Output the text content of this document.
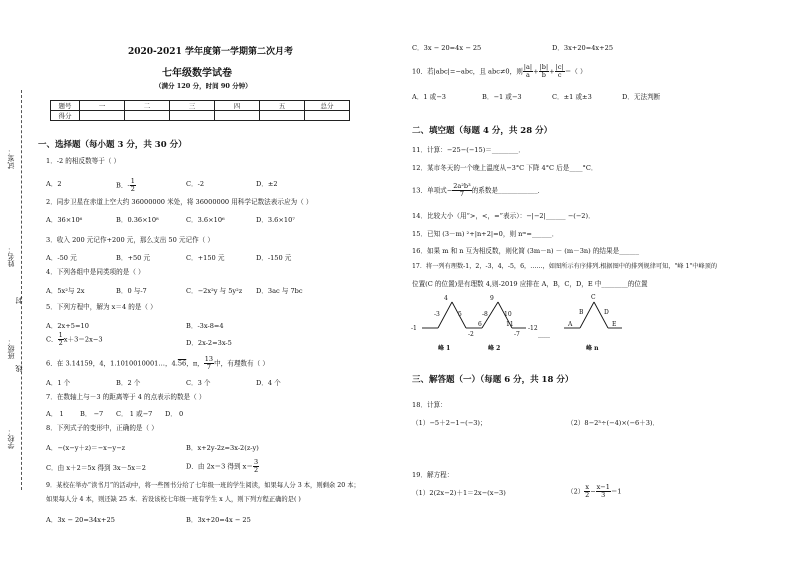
试室：
姓名：
封
班级：
学校：
线
2020-2021 学年度第一学期第二次月考
七年级数学试卷
（满分 120 分，时间 90 分钟）
题号	一	二	三	四	五	总分
得分						
一、选择题（每小题 3 分，共 30 分）
1．-2 的相反数等于（ ）
A．2	B．- $\frac{1}{2}$	C．-2	D．±2
2．同步卫星在赤道上空大约 36000000 米处，将 36000000 用科学记数法表示应为（ ）
A．36×10⁶	B．0.36×10⁸	C．3.6×10⁶	D．3.6×10⁷
3．收入 200 元记作+200 元，那么支出 50 元记作（ ）
A．-50 元	B．+50 元	C．+150 元	D．-150 元
4．下列各组中是同类项的是（ ）
A．5x²与 2x	B．0 与-7	C．−2x²y 与 5y²z D．3ac 与 7bc
5．下列方程中，解为 x＝4 的是（ ）
A．2x+5=10	B．-3x-8=4
C． $\frac{1}{2} x+3=2x-3$	D．2x-2=3x-5
6．在 3.14159，4，1.1010010001…，4.56，π， $\frac{13}{7}$ 中，有理数有（ ）
A．1 个	B．2 个	C．3 个	D．4 个
7．在数轴上与－3 的距离等于 4 的点表示的数是（ ）
A． 1 B． −7 C． 1 或−7 D． 0
8．下列式子的变形中，正确的是（ ）
A．−(x−y＋z)＝−x−y−z	B．x+2y-2z=3x-2(z-y)
C．由 x＋2＝5x 得到 3x－5x＝2	D．由 2x＝3 得到 $x= \frac{3}{2}$
9．某校在举办“读书月”的活动中，将一些图书分给了七年级一班的学生阅读，如果每人分 3 本，则剩余 20 本；
如果每人分 4 本，则还缺 25 本．若设该校七年级一班有学生 x 人，则下列方程正确的是( )
A．3x − 20=34x+25	B．3x+20=4x − 25
C．3x − 20=4x − 25	D．3x+20=4x+25
10．若|abc|=−abc，且 abc≠0，则 $\frac{|a|}{a} + \frac{|b|}{b} + \frac{|c|}{c}$ ＝（ ）
A．1 或−3	B．−1 或−3	C．±1 或±3	D．无法判断
二、填空题（每题 4 分，共 28 分）
11．计算：−25−(−15)＝________．
12．某市冬天的一个晚上温度从−3°C 下降 4°C 后是____°C．
13．单项式− $\frac{\text{2a²b³}}{7}$ 的系数是____________．
14．比较大小（用“>，<，=”表示）：−|−2|______ −(−2)．
15．已知 (3－m) ²+|n+2|=0，则 nᵐ=______．
16．如果 m 和 n 互为相反数，则化简 (3m－n) － (m－3n) 的结果是______
17．将一列有理数-1，2，-3，4，-5，6，……，如图所示有序排列.根据图中的排列规律可知，"峰 1"中峰顶的
位置(C 的位置)是有理数 4,则-2019 应排在 A，B，C，D，E 中________的位置
-1
4
-3	5
-2
6
9
-8	10
-7
11
-12
……
C
B	D
A	E
峰 1	峰 2	峰 n
三、解答题（一）（每题 6 分，共 18 分）
18．计算：
（1）−5＋2−1−(−3)；	（2）8−2³÷(−4)×(−6＋3)．
19．解方程：
（1）2(2x−2)＋1＝2x−(x−3)	$(2) \frac{x}{2} - \frac{x-1}{3} =1$
